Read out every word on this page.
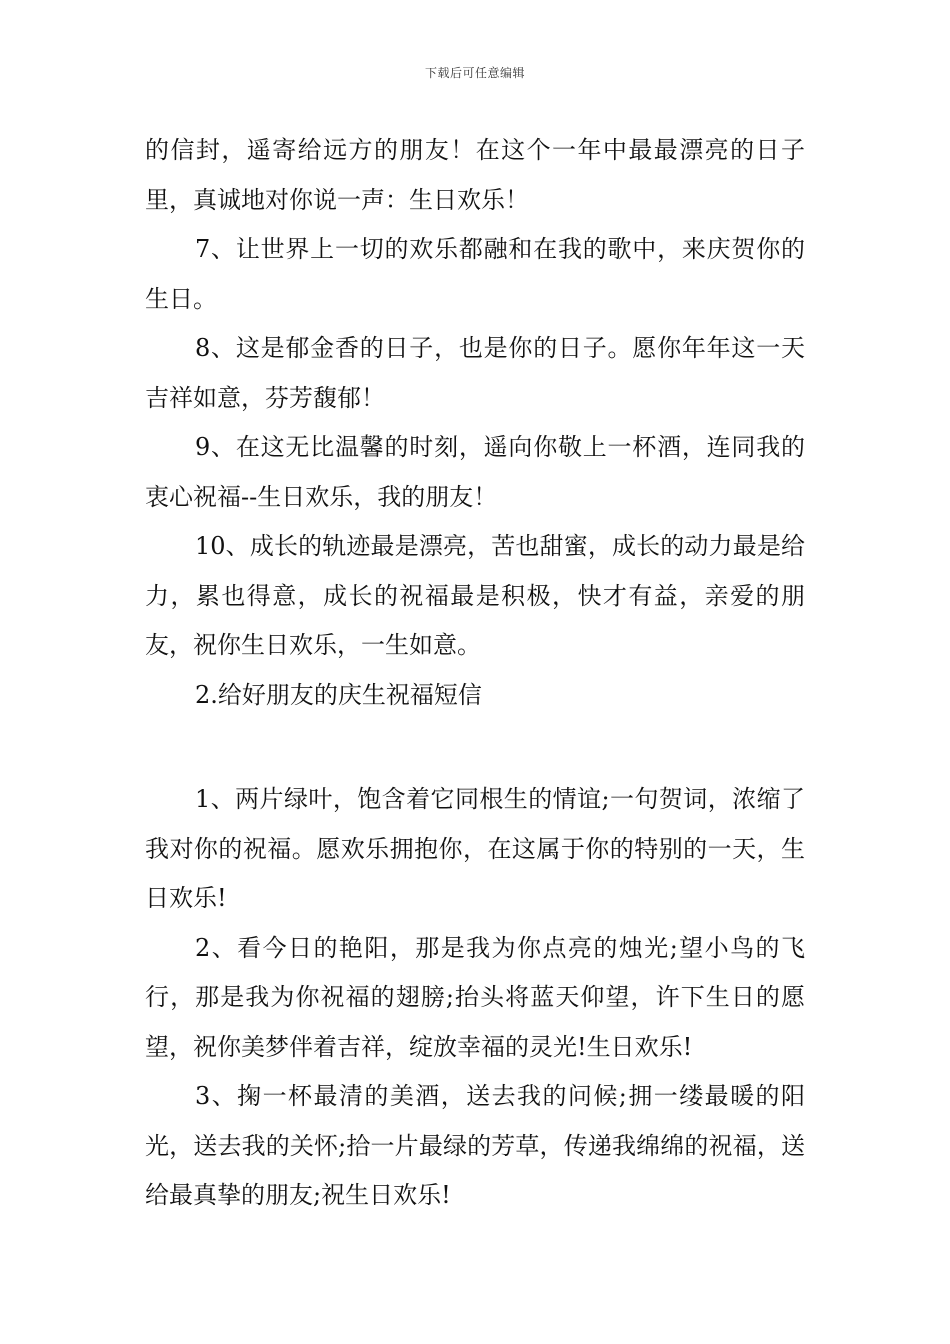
下载后可任意编辑

的信封，遥寄给远方的朋友！在这个一年中最最漂亮的日子里，真诚地对你说一声：生日欢乐！

7、让世界上一切的欢乐都融和在我的歌中，来庆贺你的生日。

8、这是郁金香的日子，也是你的日子。愿你年年这一天吉祥如意，芬芳馥郁！

9、在这无比温馨的时刻，遥向你敬上一杯酒，连同我的衷心祝福--生日欢乐，我的朋友！

10、成长的轨迹最是漂亮，苦也甜蜜，成长的动力最是给力，累也得意，成长的祝福最是积极，快才有益，亲爱的朋友，祝你生日欢乐，一生如意。

2.给好朋友的庆生祝福短信

1、两片绿叶，饱含着它同根生的情谊;一句贺词，浓缩了我对你的祝福。愿欢乐拥抱你，在这属于你的特别的一天，生日欢乐!

2、看今日的艳阳，那是我为你点亮的烛光;望小鸟的飞行，那是我为你祝福的翅膀;抬头将蓝天仰望，许下生日的愿望，祝你美梦伴着吉祥，绽放幸福的灵光!生日欢乐!

3、掬一杯最清的美酒，送去我的问候;拥一缕最暖的阳光，送去我的关怀;拾一片最绿的芳草，传递我绵绵的祝福，送给最真挚的朋友;祝生日欢乐!
